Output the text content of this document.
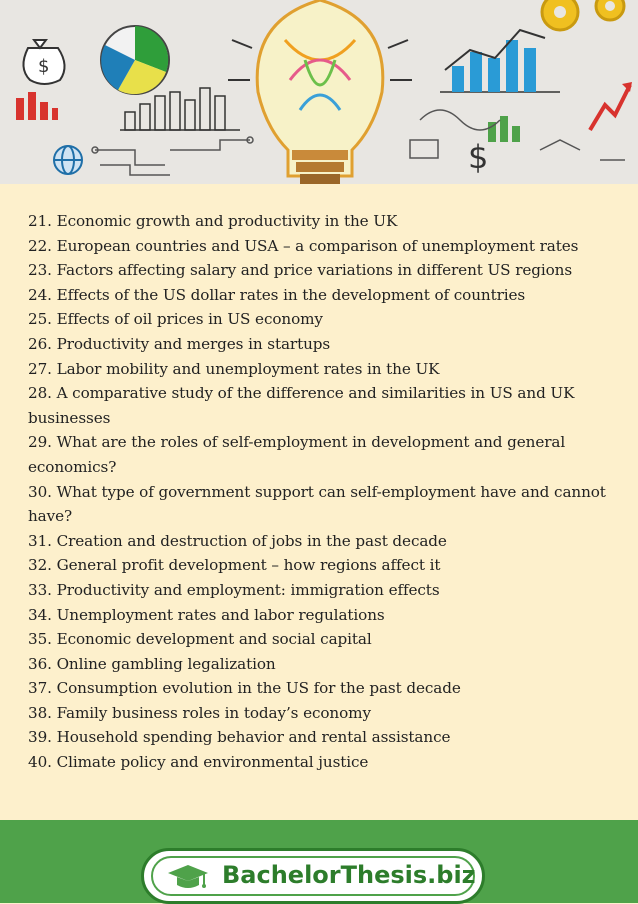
$
$
21. Economic growth and productivity in the UK
22. European countries and USA – a comparison of unemployment rates
23. Factors affecting salary and price variations in different US regions
24. Effects of the US dollar rates in the development of countries
25. Effects of oil prices in US economy
26. Productivity and merges in startups
27. Labor mobility and unemployment rates in the UK
28. A comparative study of the difference and similarities in US and UK businesses
29. What are the roles of self-employment in development and general economics?
30. What type of government support can self-employment have and cannot have?
31. Creation and destruction of jobs in the past decade
32. General profit development – how regions affect it
33. Productivity and employment: immigration effects
34. Unemployment rates and labor regulations
35. Economic development and social capital
36. Online gambling legalization
37. Consumption evolution in the US for the past decade
38. Family business roles in today’s economy
39. Household spending behavior and rental assistance
40. Climate policy and environmental justice
BachelorThesis.biz
